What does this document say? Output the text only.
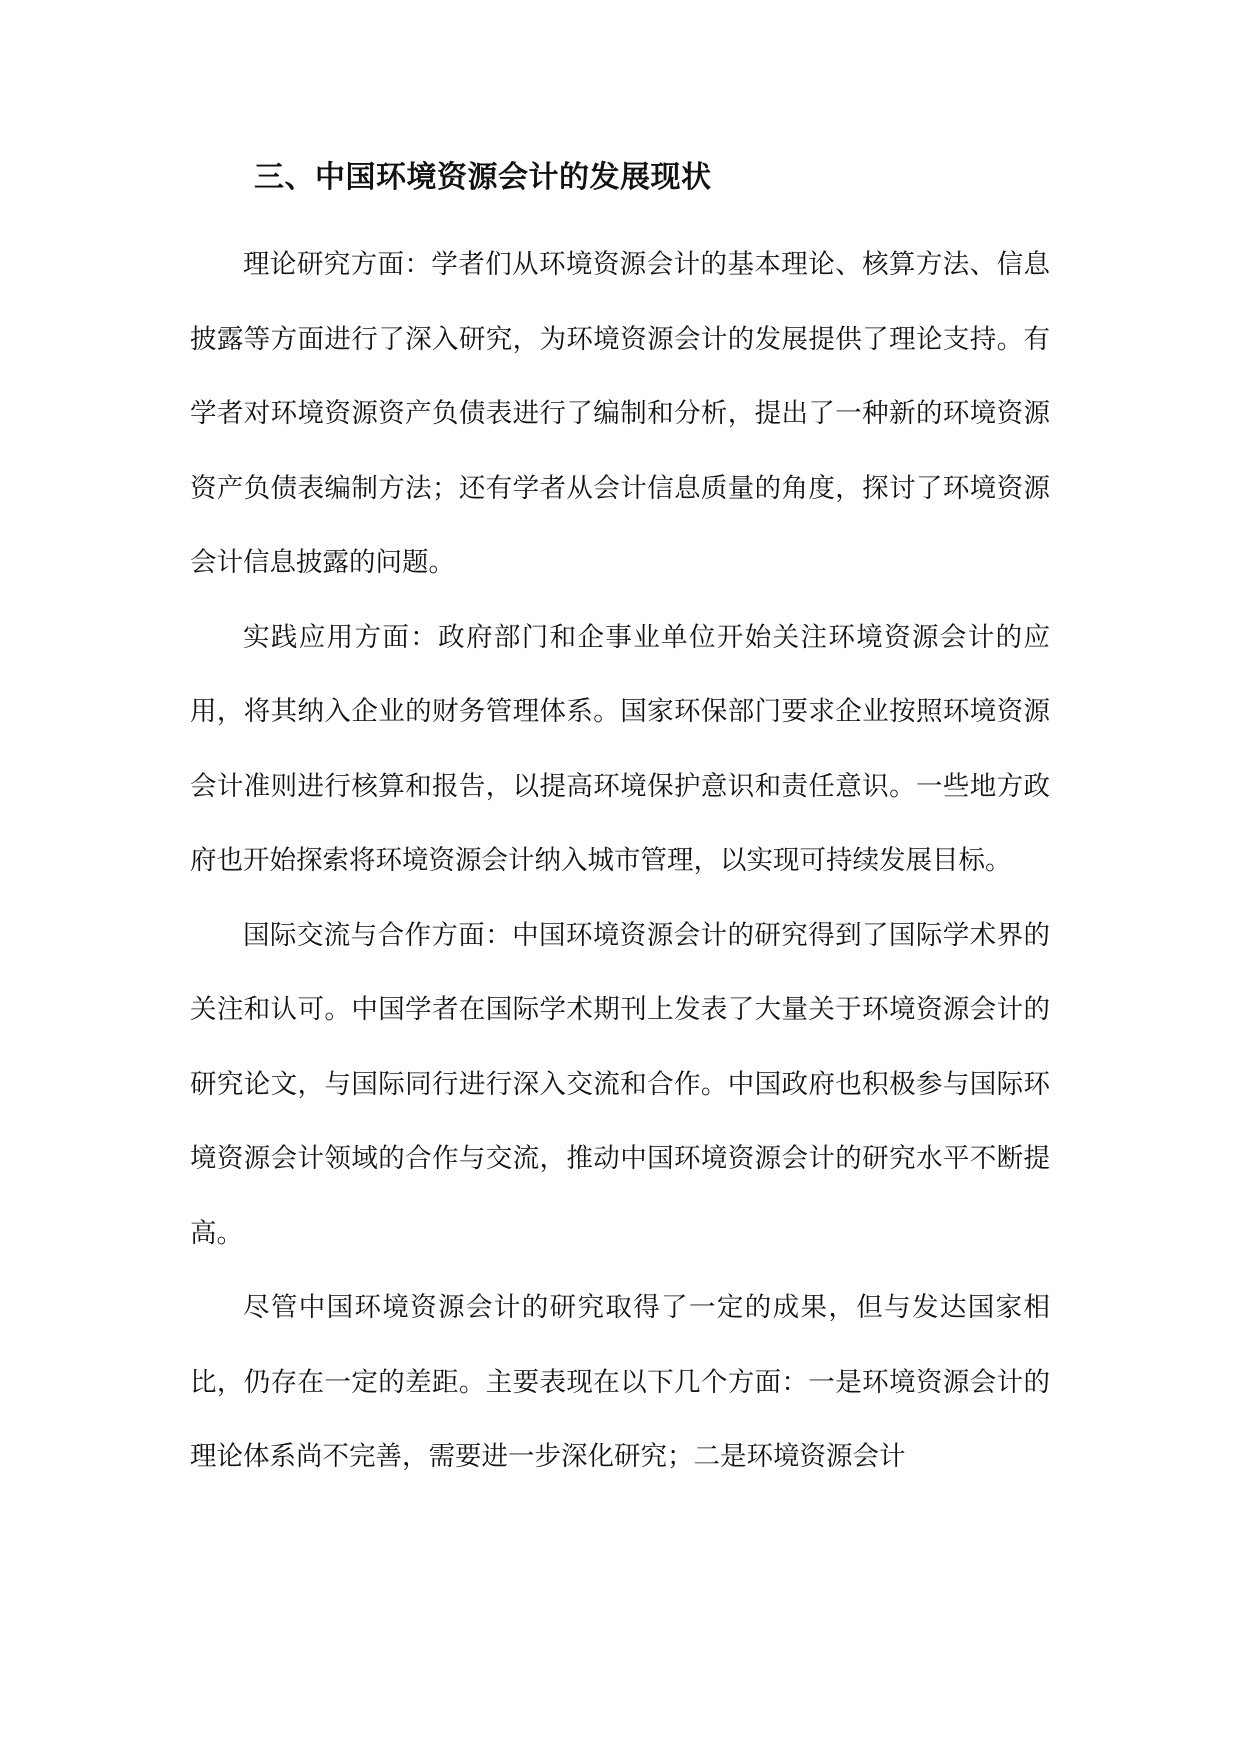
三、中国环境资源会计的发展现状

理论研究方面：学者们从环境资源会计的基本理论、核算方法、信息披露等方面进行了深入研究，为环境资源会计的发展提供了理论支持。有学者对环境资源资产负债表进行了编制和分析，提出了一种新的环境资源资产负债表编制方法；还有学者从会计信息质量的角度，探讨了环境资源会计信息披露的问题。

实践应用方面：政府部门和企事业单位开始关注环境资源会计的应用，将其纳入企业的财务管理体系。国家环保部门要求企业按照环境资源会计准则进行核算和报告，以提高环境保护意识和责任意识。一些地方政府也开始探索将环境资源会计纳入城市管理，以实现可持续发展目标。

国际交流与合作方面：中国环境资源会计的研究得到了国际学术界的关注和认可。中国学者在国际学术期刊上发表了大量关于环境资源会计的研究论文，与国际同行进行深入交流和合作。中国政府也积极参与国际环境资源会计领域的合作与交流，推动中国环境资源会计的研究水平不断提高。

尽管中国环境资源会计的研究取得了一定的成果，但与发达国家相比，仍存在一定的差距。主要表现在以下几个方面：一是环境资源会计的理论体系尚不完善，需要进一步深化研究；二是环境资源会计
